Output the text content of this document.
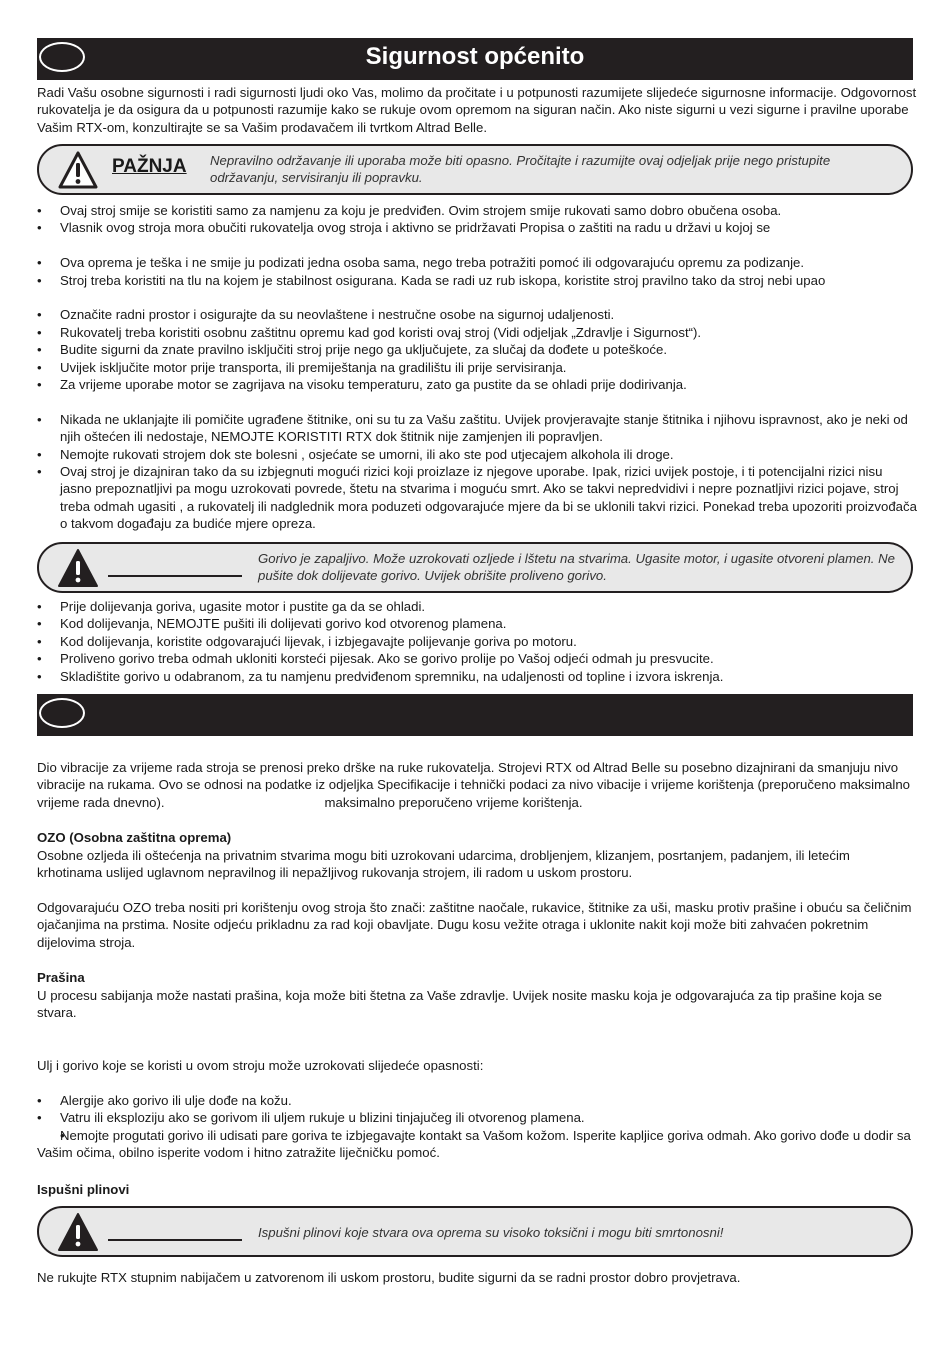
Sigurnost općenito

Radi Vašu osobne sigurnosti i radi sigurnosti ljudi oko Vas, molimo da pročitate i u potpunosti razumijete slijedeće sigurnosne informacije. Odgovornost rukovatelja je da osigura da u potpunosti razumije kako se rukuje ovom opremom na siguran način. Ako niste sigurni u vezi sigurne i pravilne uporabe Vašim RTX-om, konzultirajte se sa Vašim prodavačem ili tvrtkom Altrad Belle.

PAŽNJA Nepravilno održavanje ili uporaba može biti opasno. Pročitajte i razumijte ovaj odjeljak prije nego pristupite održavanju, servisiranju ili popravku.
• Ovaj stroj smije se koristiti samo za namjenu za koju je predviđen. Ovim strojem smije rukovati samo dobro obučena osoba.
• Vlasnik ovog stroja mora obučiti rukovatelja ovog stroja i aktivno se pridržavati Propisa o zaštiti na radu u državi u kojoj se
• Ova oprema je teška i ne smije ju podizati jedna osoba sama, nego treba potražiti pomoć ili odgovarajuću opremu za podizanje.
• Stroj treba koristiti na tlu na kojem je stabilnost osigurana. Kada se radi uz rub iskopa, koristite stroj pravilno tako da stroj nebi upao
• Označite radni prostor i osigurajte da su neovlaštene i nestručne osobe na sigurnoj udaljenosti.
• Rukovatelj treba koristiti osobnu zaštitnu opremu kad god koristi ovaj stroj (Vidi odjeljak „Zdravlje i Sigurnost“).
• Budite sigurni da znate pravilno isključiti stroj prije nego ga uključujete, za slučaj da dođete u poteškoće.
• Uvijek isključite motor prije transporta, ili premiještanja na gradilištu ili prije servisiranja.
• Za vrijeme uporabe motor se zagrijava na visoku temperaturu, zato ga pustite da se ohladi prije dodirivanja.
• Nikada ne uklanjajte ili pomičite ugrađene štitnike, oni su tu za Vašu zaštitu. Uvijek provjeravajte stanje štitnika i njihovu ispravnost, ako je neki od njih oštećen ili nedostaje, NEMOJTE KORISTITI RTX dok štitnik nije zamjenjen ili popravljen.
• Nemojte rukovati strojem dok ste bolesni , osjećate se umorni, ili ako ste pod utjecajem alkohola ili droge.
• Ovaj stroj je dizajniran tako da su izbjegnuti mogući rizici koji proizlaze iz njegove uporabe. Ipak, rizici uvijek postoje, i ti potencijalni rizici nisu jasno prepoznatljivi pa mogu uzrokovati povrede, štetu na stvarima i moguću smrt. Ako se takvi nepredvidivi i nepre poznatljivi rizici pojave, stroj treba odmah ugasiti , a rukovatelj ili nadglednik mora poduzeti odgovarajuće mjere da bi se uklonili takvi rizici. Ponekad treba upozoriti proizvođača o takvom događaju za budiće mjere opreza.
Gorivo je zapaljivo. Može uzrokovati ozljede i lštetu na stvarima. Ugasite motor, i ugasite otvoreni plamen. Ne pušite dok dolijevate gorivo. Uvijek obrišite proliveno gorivo.
• Prije dolijevanja goriva, ugasite motor i pustite ga da se ohladi.
• Kod dolijevanja, NEMOJTE pušiti ili dolijevati gorivo kod otvorenog plamena.
• Kod dolijevanja, koristite odgovarajući lijevak, i izbjegavajte polijevanje goriva po motoru.
• Proliveno gorivo treba odmah ukloniti korsteći pijesak. Ako se gorivo prolije po Vašoj odjeći odmah ju presvucite.
• Skladištite gorivo u odabranom, za tu namjenu predviđenom spremniku, na udaljenosti od topline i izvora iskrenja.

Dio vibracije za vrijeme rada stroja se prenosi preko drške na ruke rukovatelja. Strojevi RTX od Altrad Belle su posebno dizajnirani da smanjuju nivo vibracije na rukama. Ovo se odnosi na podatke iz odjeljka Specifikacije i tehnički podaci za nivo vibacije i vrijeme korištenja (preporučeno maksimalno vrijeme rada dnevno).	maksimalno preporučeno vrijeme korištenja.

OZO (Osobna zaštitna oprema)

Osobne ozljeda ili oštećenja na privatnim stvarima mogu biti uzrokovani udarcima, drobljenjem, klizanjem, posrtanjem, padanjem, ili letećim krhotinama uslijed uglavnom nepravilnog ili nepažljivog rukovanja strojem, ili radom u uskom prostoru.

Odgovarajuću OZO treba nositi pri korištenju ovog stroja što znači: zaštitne naočale, rukavice, štitnike za uši, masku protiv prašine i obuću sa čeličnim ojačanjima na prstima. Nosite odjeću prikladnu za rad koji obavljate. Dugu kosu vežite otraga i uklonite nakit koji može biti zahvaćen pokretnim dijelovima stroja.

Prašina

U procesu sabijanja može nastati prašina, koja može biti štetna za Vaše zdravlje. Uvijek nosite masku koja je odgovarajuća za tip prašine koja se stvara.

Ulj i gorivo koje se koristi u ovom stroju može uzrokovati slijedeće opasnosti:

• Alergije ako gorivo ili ulje dođe na kožu.
• Vatru ili eksploziju ako se gorivom ili uljem rukuje u blizini tinjajučeg ili otvorenog plamena.
• Nemojte progutati gorivo ili udisati pare goriva te izbjegavajte kontakt sa Vašom kožom. Isperite kapljice goriva odmah. Ako gorivo dođe u dodir sa Vašim očima, obilno isperite vodom i hitno zatražite liječničku pomoć.

Ispušni plinovi

Ispušni plinovi koje stvara ova oprema su visoko toksični i mogu biti smrtonosni!

Ne rukujte RTX stupnim nabijačem u zatvorenom ili uskom prostoru, budite sigurni da se radni prostor dobro provjetrava.
